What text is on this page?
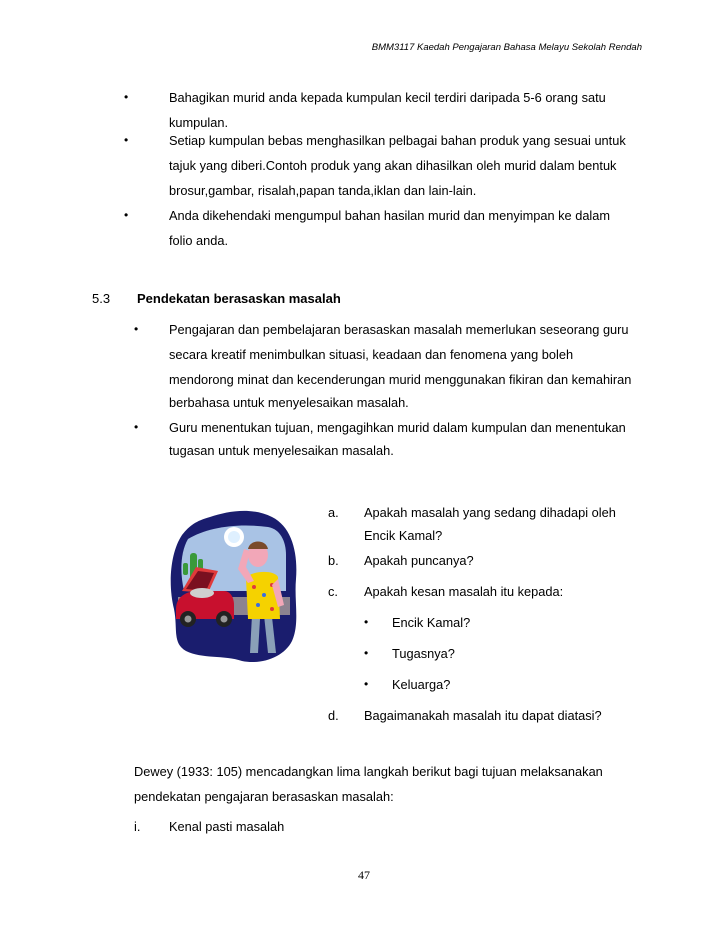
BMM3117 Kaedah Pengajaran Bahasa Melayu Sekolah Rendah
•	Bahagikan murid anda kepada kumpulan kecil terdiri daripada 5-6 orang satu
kumpulan.
•	Setiap kumpulan bebas menghasilkan pelbagai bahan produk yang sesuai untuk
tajuk yang diberi.Contoh produk yang akan dihasilkan oleh murid dalam bentuk
brosur,gambar, risalah,papan tanda,iklan dan lain-lain.
•	Anda dikehendaki mengumpul bahan hasilan murid dan menyimpan ke dalam
folio anda.
5.3 Pendekatan berasaskan masalah
• Pengajaran dan pembelajaran berasaskan masalah memerlukan seseorang guru
secara kreatif menimbulkan situasi, keadaan dan fenomena yang boleh
mendorong minat dan kecenderungan murid menggunakan fikiran dan kemahiran
berbahasa untuk menyelesaikan masalah.
• Guru menentukan tujuan, mengagihkan murid dalam kumpulan dan menentukan
tugasan untuk menyelesaikan masalah.
a. Apakah masalah yang sedang dihadapi oleh
Encik Kamal?
b. Apakah puncanya?
c. Apakah kesan masalah itu kepada:
• Encik Kamal?
• Tugasnya?
• Keluarga?
d. Bagaimanakah masalah itu dapat diatasi?
Dewey (1933: 105) mencadangkan lima langkah berikut bagi tujuan melaksanakan
pendekatan pengajaran berasaskan masalah:
i. Kenal pasti masalah
47
